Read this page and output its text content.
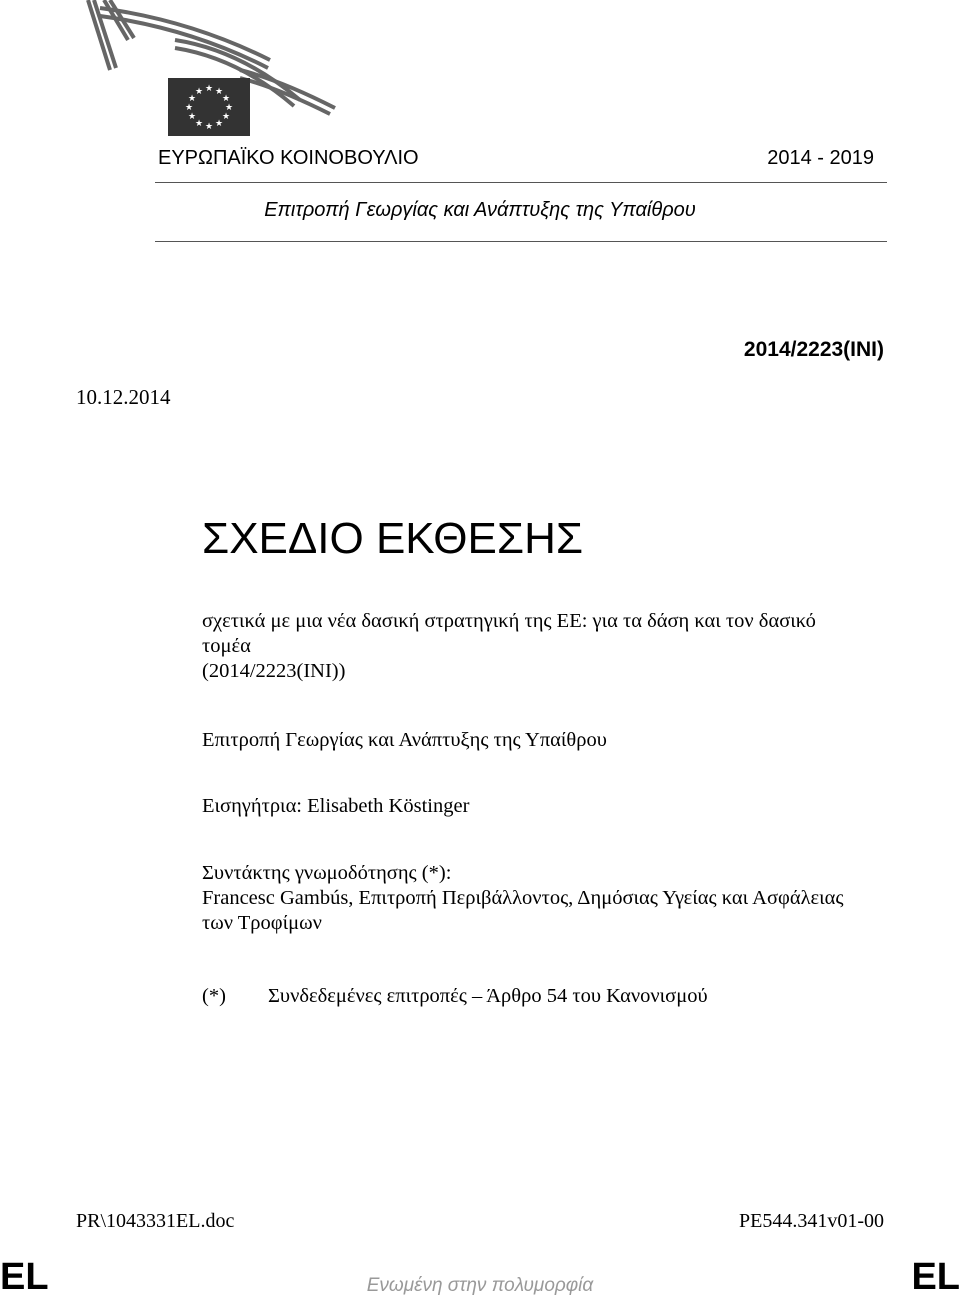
★ ★
★
★
★
★
★
★
★
★
★
★
ΕΥΡΩΠΑΪΚΟ ΚΟΙΝΟΒΟΥΛΙΟ	2014 - 2019
Επιτροπή Γεωργίας και Ανάπτυξης της Υπαίθρου
2014/2223(INI)
10.12.2014
ΣΧΕΔΙΟ ΕΚΘΕΣΗΣ
σχετικά με μια νέα δασική στρατηγική της ΕΕ: για τα δάση και τον δασικό
τομέα
(2014/2223(INI))
Επιτροπή Γεωργίας και Ανάπτυξης της Υπαίθρου
Εισηγήτρια: Elisabeth Köstinger
Συντάκτης γνωμοδότησης (*):
Francesc Gambús, Επιτροπή Περιβάλλοντος, Δημόσιας Υγείας και Ασφάλειας
των Τροφίμων
(*) Συνδεδεμένες επιτροπές – Άρθρο 54 του Κανονισμού
PR\1043331EL.doc	PE544.341v01-00
EL	Ενωμένη στην πολυμορφία	EL
